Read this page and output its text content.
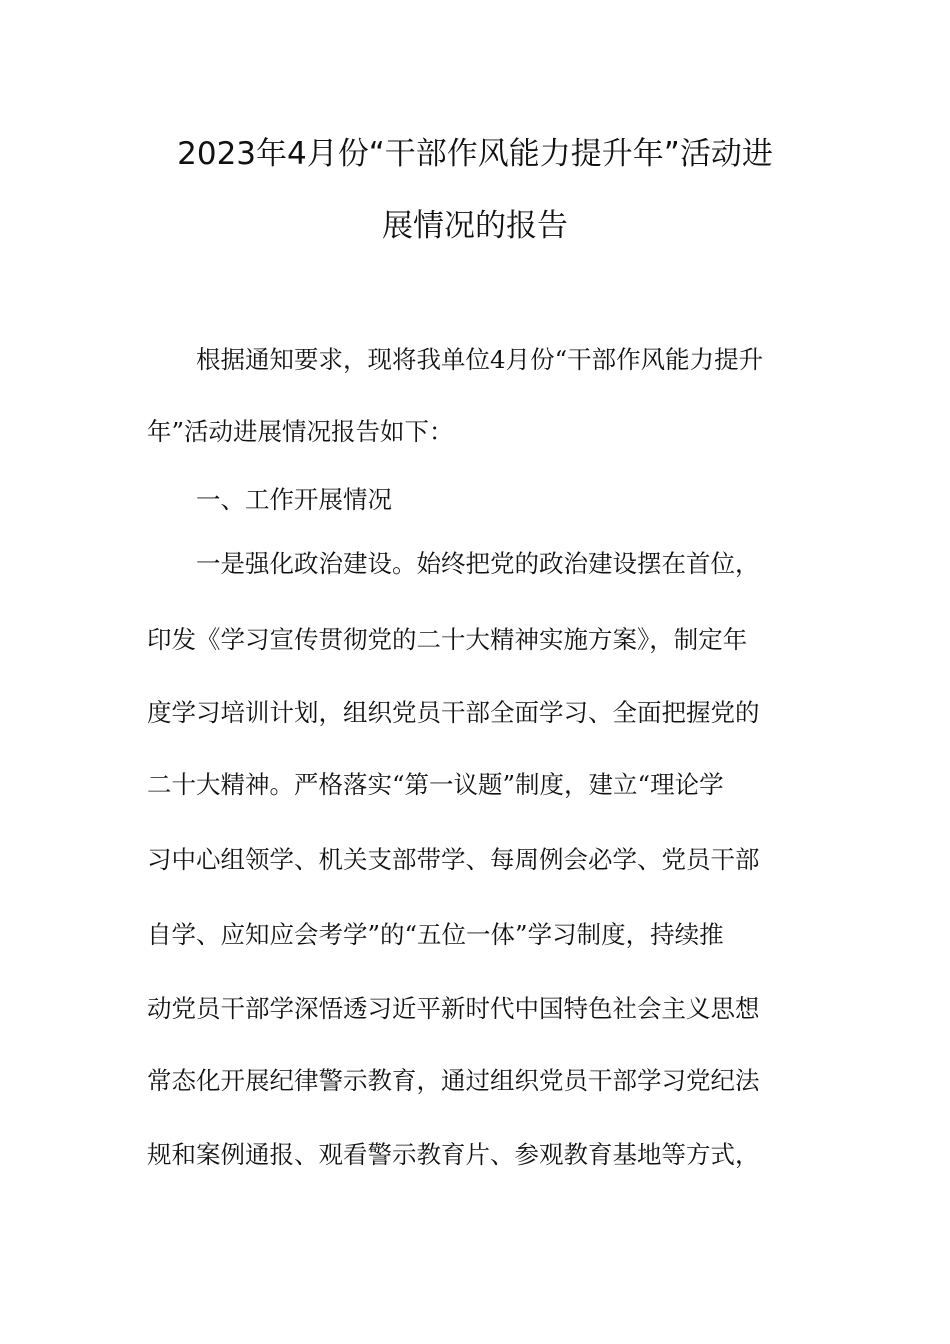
2023年4月份“干部作风能力提升年”活动进
展情况的报告
根据通知要求，现将我单位4月份“干部作风能力提升
年”活动进展情况报告如下：
一、工作开展情况
一是强化政治建设。始终把党的政治建设摆在首位，
印发《学习宣传贯彻党的二十大精神实施方案》，制定年
度学习培训计划，组织党员干部全面学习、全面把握党的
二十大精神。严格落实“第一议题”制度，建立“理论学
习中心组领学、机关支部带学、每周例会必学、党员干部
自学、应知应会考学”的“五位一体”学习制度，持续推
动党员干部学深悟透习近平新时代中国特色社会主义思想
常态化开展纪律警示教育，通过组织党员干部学习党纪法
规和案例通报、观看警示教育片、参观教育基地等方式，
